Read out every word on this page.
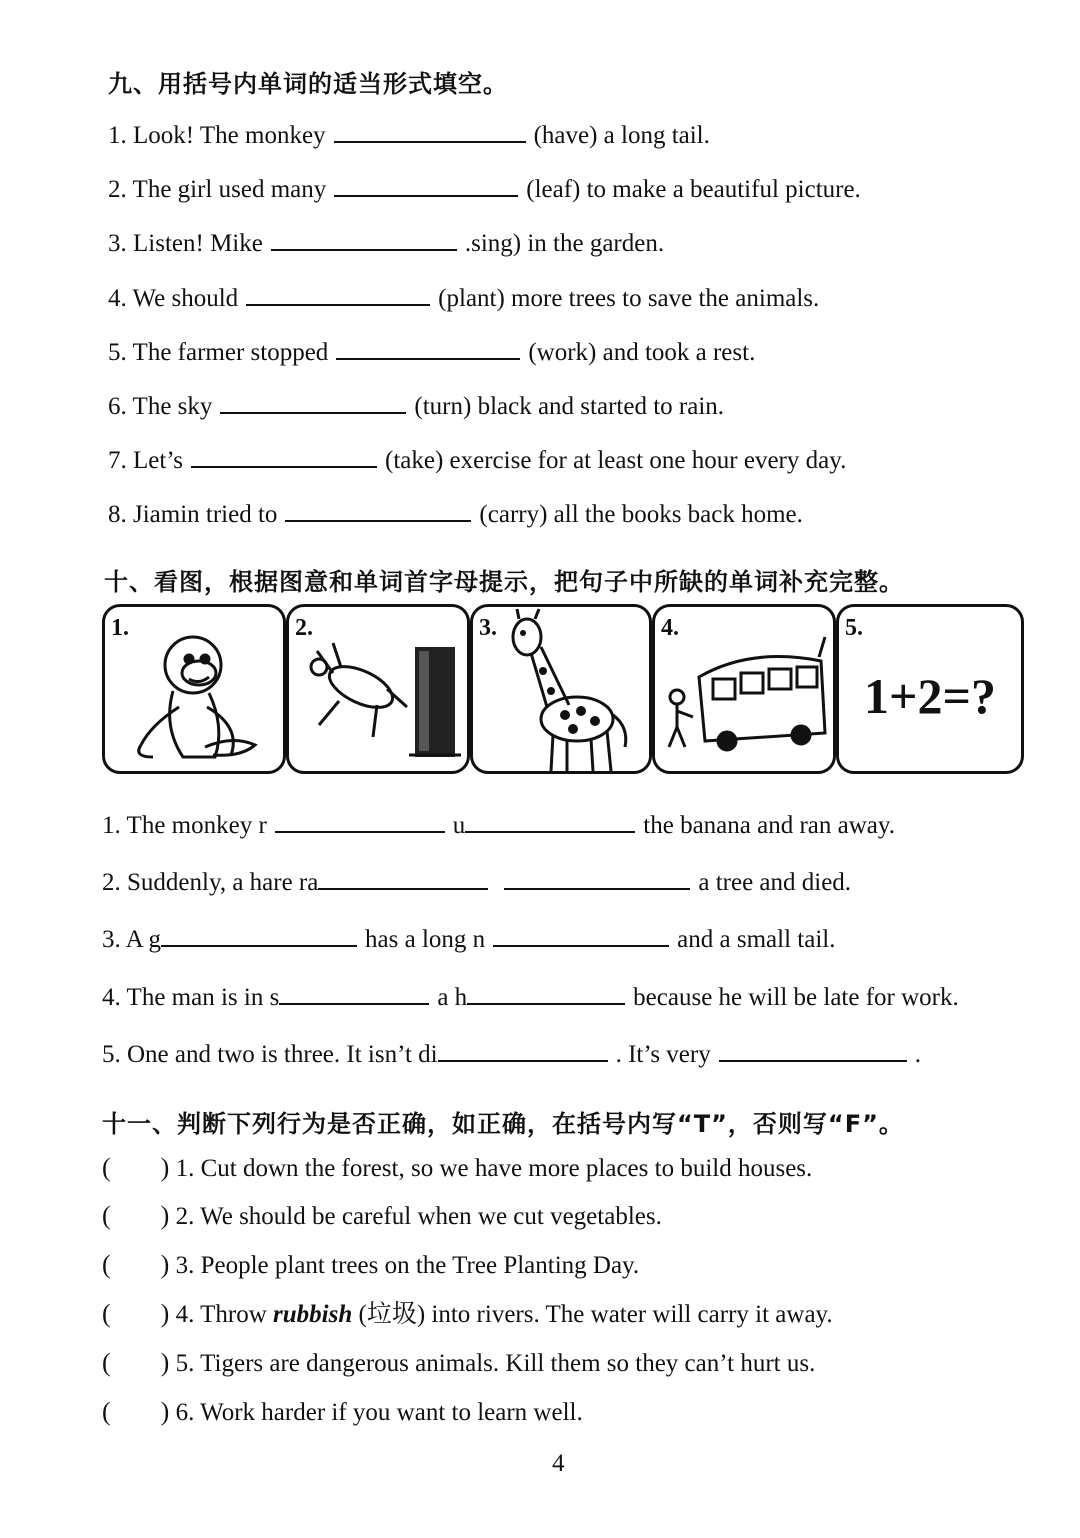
九、用括号内单词的适当形式填空。
1. Look! The monkey	(have) a long tail.
2. The girl used many	(leaf) to make a beautiful picture.
3. Listen! Mike	.sing) in the garden.
4. We should	(plant) more trees to save the animals.
5. The farmer stopped	(work) and took a rest.
6. The sky	(turn) black and started to rain.
7. Let’s	(take) exercise for at least one hour every day.
8. Jiamin tried to	(carry) all the books back home.
十、看图，根据图意和单词首字母提示，把句子中所缺的单词补充完整。
1.	2.	3.	4.	5.
1+2=?
1. The monkey r	u	the banana and ran away.
2. Suddenly, a hare ra	a tree and died.
3. A g	has a long n	and a small tail.
4. The man is in s	a h	because he will be late for work.
5. One and two is three. It isn’t di	. It’s very	.
十一、判断下列行为是否正确，如正确，在括号内写“T”，否则写“F”。
( ) 1. Cut down the forest, so we have more places to build houses.
( ) 2. We should be careful when we cut vegetables.
( ) 3. People plant trees on the Tree Planting Day.
( ) 4. Throw rubbish (垃圾) into rivers. The water will carry it away.
( ) 5. Tigers are dangerous animals. Kill them so they can’t hurt us.
( ) 6. Work harder if you want to learn well.
4
